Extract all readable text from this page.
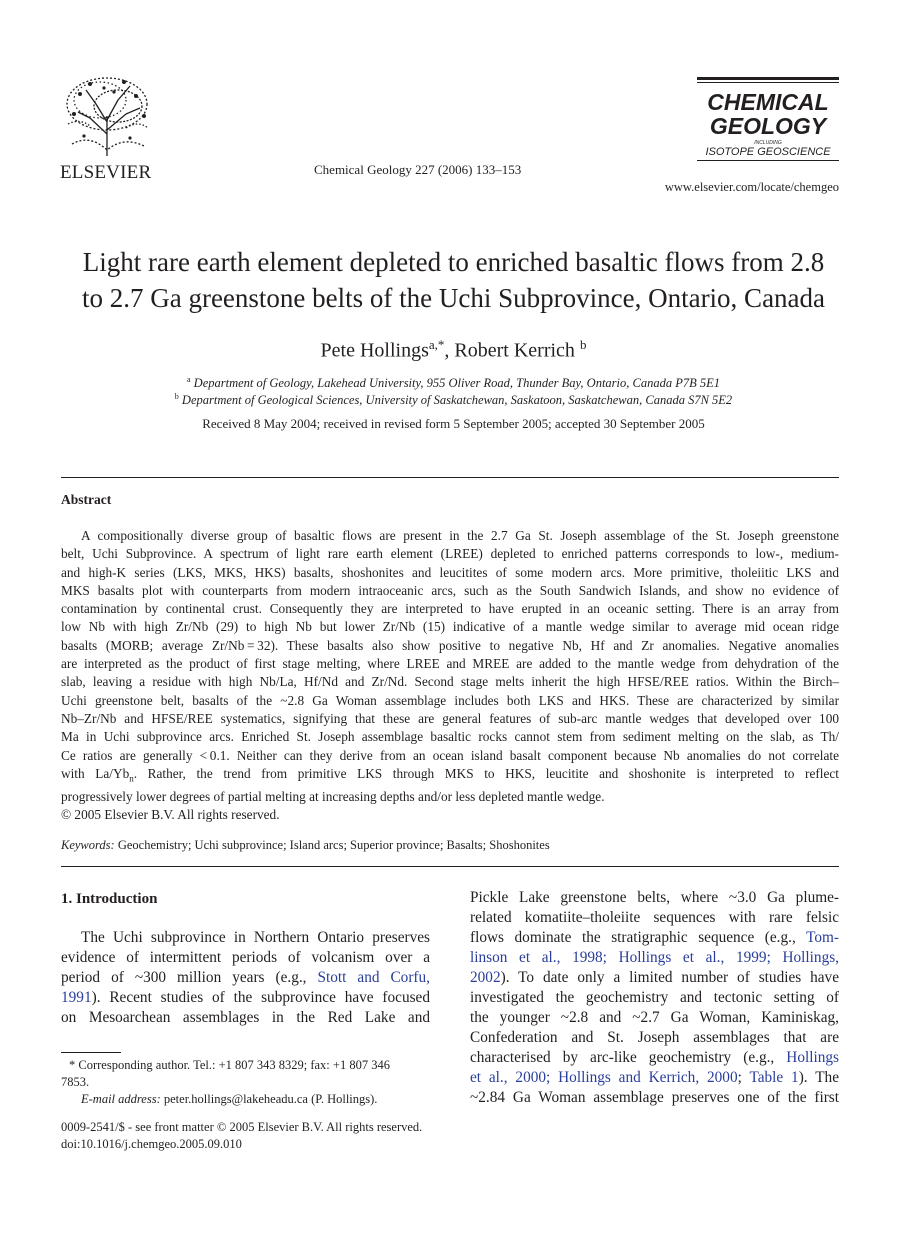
ELSEVIER	Chemical Geology 227 (2006) 133–153
CHEMICAL
GEOLOGY
INCLUDING
ISOTOPE GEOSCIENCE
www.elsevier.com/locate/chemgeo
Light rare earth element depleted to enriched basaltic flows from 2.8
to 2.7 Ga greenstone belts of the Uchi Subprovince, Ontario, Canada
Pete Hollings$^{a,*}$, Robert Kerrich $^b$
$^a$ Department of Geology, Lakehead University, 955 Oliver Road, Thunder Bay, Ontario, Canada P7B 5E1
$^b$ Department of Geological Sciences, University of Saskatchewan, Saskatoon, Saskatchewan, Canada S7N 5E2
Received 8 May 2004; received in revised form 5 September 2005; accepted 30 September 2005
Abstract
A compositionally diverse group of basaltic flows are present in the 2.7 Ga St. Joseph assemblage of the St. Joseph greenstone
belt, Uchi Subprovince. A spectrum of light rare earth element (LREE) depleted to enriched patterns corresponds to low-, medium-
and high-K series (LKS, MKS, HKS) basalts, shoshonites and leucitites of some modern arcs. More primitive, tholeiitic LKS and
MKS basalts plot with counterparts from modern intraoceanic arcs, such as the South Sandwich Islands, and show no evidence of
contamination by continental crust. Consequently they are interpreted to have erupted in an oceanic setting. There is an array from
low Nb with high Zr/Nb (29) to high Nb but lower Zr/Nb (15) indicative of a mantle wedge similar to average mid ocean ridge
basalts (MORB; average Zr/Nb = 32). These basalts also show positive to negative Nb, Hf and Zr anomalies. Negative anomalies
are interpreted as the product of first stage melting, where LREE and MREE are added to the mantle wedge from dehydration of the
slab, leaving a residue with high Nb/La, Hf/Nd and Zr/Nd. Second stage melts inherit the high HFSE/REE ratios. Within the Birch–
Uchi greenstone belt, basalts of the ~2.8 Ga Woman assemblage includes both LKS and HKS. These are characterized by similar
Nb–Zr/Nb and HFSE/REE systematics, signifying that these are general features of sub-arc mantle wedges that developed over 100
Ma in Uchi subprovince arcs. Enriched St. Joseph assemblage basaltic rocks cannot stem from sediment melting on the slab, as Th/
Ce ratios are generally < 0.1. Neither can they derive from an ocean island basalt component because Nb anomalies do not correlate
with $La/Yb_n$. Rather, the trend from primitive LKS through MKS to HKS, leucitite and shoshonite is interpreted to reflect
progressively lower degrees of partial melting at increasing depths and/or less depleted mantle wedge.
© 2005 Elsevier B.V. All rights reserved.
Keywords: Geochemistry; Uchi subprovince; Island arcs; Superior province; Basalts; Shoshonites
1. Introduction
The Uchi subprovince in Northern Ontario preserves
evidence of intermittent periods of volcanism over a
period of ~300 million years (e.g., Stott and Corfu,
1991). Recent studies of the subprovince have focused
on Mesoarchean assemblages in the Red Lake and
Pickle Lake greenstone belts, where ~3.0 Ga plume-
related komatiite–tholeiite sequences with rare felsic
flows dominate the stratigraphic sequence (e.g., Tom-
linson et al., 1998; Hollings et al., 1999; Hollings,
2002). To date only a limited number of studies have
investigated the geochemistry and tectonic setting of
the younger ~2.8 and ~2.7 Ga Woman, Kaminiskag,
Confederation and St. Joseph assemblages that are
characterised by arc-like geochemistry (e.g., Hollings
et al., 2000; Hollings and Kerrich, 2000; Table 1). The
~2.84 Ga Woman assemblage preserves one of the first
* Corresponding author. Tel.: +1 807 343 8329; fax: +1 807 346
7853.
E-mail address: peter.hollings@lakeheadu.ca (P. Hollings).
0009-2541/$ - see front matter © 2005 Elsevier B.V. All rights reserved.
doi:10.1016/j.chemgeo.2005.09.010
